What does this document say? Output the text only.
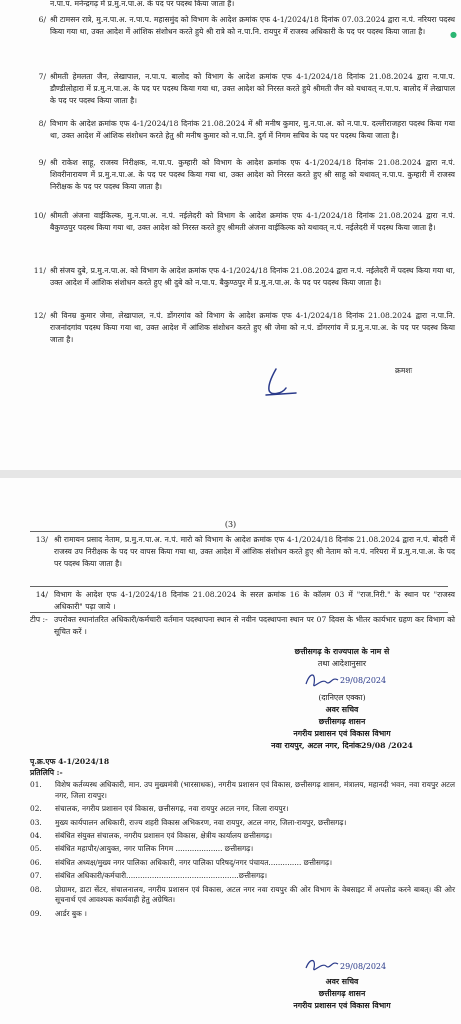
न.पा.प. मनेन्द्रगढ़ में प्र.मु.न.पा.अ. के पद पर पदस्थ किया जाता है।
6/ श्री टामसन रात्रे, मु.न.पा.अ. न.पा.प. महासमुंद को विभाग के आदेश क्रमांक एफ 4-1/2024/18 दिनांक 07.03.2024 द्वारा न.पं. नरियरा पदस्थ किया गया था, उक्त आदेश में आंशिक संशोधन करते हुये श्री रात्रे को न.पा.नि. रायपुर में राजस्व अधिकारी के पद पर पदस्थ किया जाता है।	●
7/ श्रीमती हेमलता जैन, लेखापाल, न.पा.प. बालोद को विभाग के आदेश क्रमांक एफ 4-1/2024/18 दिनांक 21.08.2024 द्वारा न.पा.प. डौण्डीलोहारा में प्र.मु.न.पा.अ. के पद पर पदस्थ किया गया था, उक्त आदेश को निरस्त करते हुये श्रीमती जैन को यथावत् न.पा.प. बालोद में लेखापाल के पद पर पदस्थ किया जाता है।
8/ विभाग के आदेश क्रमांक एफ 4-1/2024/18 दिनांक 21.08.2024 में श्री मनीष कुमार, मु.न.पा.अ. को न.पा.प. दल्लीराजहरा पदस्थ किया गया था, उक्त आदेश में आंशिक संशोधन करते हेतु श्री मनीष कुमार को न.पा.नि. दुर्ग में निगम सचिव के पद पर पदस्थ किया जाता है।
9/ श्री राकेश साहू, राजस्व निरीक्षक, न.पा.प. कुम्हारी को विभाग के आदेश क्रमांक एफ 4-1/2024/18 दिनांक 21.08.2024 द्वारा न.पं. शिवरीनारायण में प्र.मु.न.पा.अ. के पद पर पदस्थ किया गया था, उक्त आदेश को निरस्त करते हुए श्री साहू को यथावत् न.पा.प. कुम्हारी में राजस्व निरीक्षक के पद पर पदस्थ किया जाता है।
10/ श्रीमती अंजना वाईकिल्क, मु.न.पा.अ. न.पं. नईलेदरी को विभाग के आदेश क्रमांक एफ 4-1/2024/18 दिनांक 21.08.2024 द्वारा न.पं. बैकुण्ठपुर पदस्थ किया गया था, उक्त आदेश को निरस्त करते हुए श्रीमती अंजना वाईकिल्क को यथावत् न.पं. नईलेदरी में पदस्थ किया जाता है।
11/ श्री संजय दुबे, प्र.मु.न.पा.अ. को विभाग के आदेश क्रमांक एफ 4-1/2024/18 दिनांक 21.08.2024 द्वारा न.पं. नईलेदरी में पदस्थ किया गया था, उक्त आदेश में आंशिक संशोधन करते हुए श्री दुबे को न.पा.प. बैकुण्ठपुर में प्र.मु.न.पा.अ. के पद पर पदस्थ किया जाता है।
12/ श्री विनम्र कुमार जेमा, लेखापाल, न.पं. डोंगरगांव को विभाग के आदेश क्रमांक एफ 4-1/2024/18 दिनांक 21.08.2024 द्वारा न.पा.नि. राजनांदगांव पदस्थ किया गया था, उक्त आदेश में आंशिक संशोधन करते हुए श्री जेमा को न.पं. डोंगरगांव में प्र.मु.न.पा.अ. के पद पर पदस्थ किया जाता है।
क्रमशः
(3)
13/ श्री रामायन प्रसाद नेताम, प्र.मु.न.पा.अ. न.पं. मारो को विभाग के आदेश क्रमांक एफ 4-1/2024/18 दिनांक 21.08.2024 द्वारा न.पं. बोदरी में राजस्व उप निरीक्षक के पद पर वापस किया गया था, उक्त आदेश में आंशिक संशोधन करते हुए श्री नेताम को न.पं. नरियरा में प्र.मु.न.पा.अ. के पद पर पदस्थ किया जाता है।
14/ विभाग के आदेश एफ 4-1/2024/18 दिनांक 21.08.2024 के सरल क्रमांक 16 के कॉलम 03 में "राज.निरी." के स्थान पर "राजस्व अधिकारी" पढ़ा जाये ।
टीप :- उपरोक्त स्थानांतरित अधिकारी/कर्मचारी वर्तमान पदस्थापना स्थान से नवीन पदस्थापना स्थान पर 07 दिवस के भीतर कार्यभार ग्रहण कर विभाग को सूचित करें ।
छत्तीसगढ़ के राज्यपाल के नाम से
तथा आदेशानुसार
29/08/2024
(दानिएल एक्का)
अवर सचिव
छत्तीसगढ़ शासन
नगरीय प्रशासन एवं विकास विभाग
नवा रायपुर, अटल नगर, दिनांक29/08 /2024
पृ.क्र.एफ 4-1/2024/18
प्रतिलिपि :-
01. विशेष कर्तव्यस्थ अधिकारी, मान. उप मुख्यमंत्री (भारसाधक), नगरीय प्रशासन एवं विकास, छत्तीसगढ़ शासन, मंत्रालय, महानदी भवन, नवा रायपुर अटल नगर, जिला रायपुर।
02. संचालक, नगरीय प्रशासन एवं विकास, छत्तीसगढ़, नवा रायपुर अटल नगर, जिला रायपुर।
03. मुख्य कार्यपालन अधिकारी, राज्य शहरी विकास अभिकरण, नवा रायपुर, अटल नगर, जिला-रायपुर, छत्तीसगढ़।
04. संबंधित संयुक्त संचालक, नगरीय प्रशासन एवं विकास, क्षेत्रीय कार्यालय छत्तीसगढ़।
05. संबंधित महापौर/आयुक्त, नगर पालिक निगम .................... छत्तीसगढ़।
06. संबंधित अध्यक्ष/मुख्य नगर पालिका अधिकारी, नगर पालिका परिषद्/नगर पंचायत.............. छत्तीसगढ़।
07. संबंधित अधिकारी/कर्मचारी................................................छत्तीसगढ़।
08. प्रोग्रामर, डाटा सेंटर, संचालनालय, नगरीय प्रशासन एवं विकास, अटल नगर नवा रायपुर की ओर विभाग के वेबसाइट में अपलोड करने बाबत्। की ओर सूचनार्थ एवं आवश्यक कार्यवाही हेतु अग्रेषित।
09. आर्डर बुक ।
29/08/2024
अवर सचिव
छत्तीसगढ़ शासन
नगरीय प्रशासन एवं विकास विभाग
